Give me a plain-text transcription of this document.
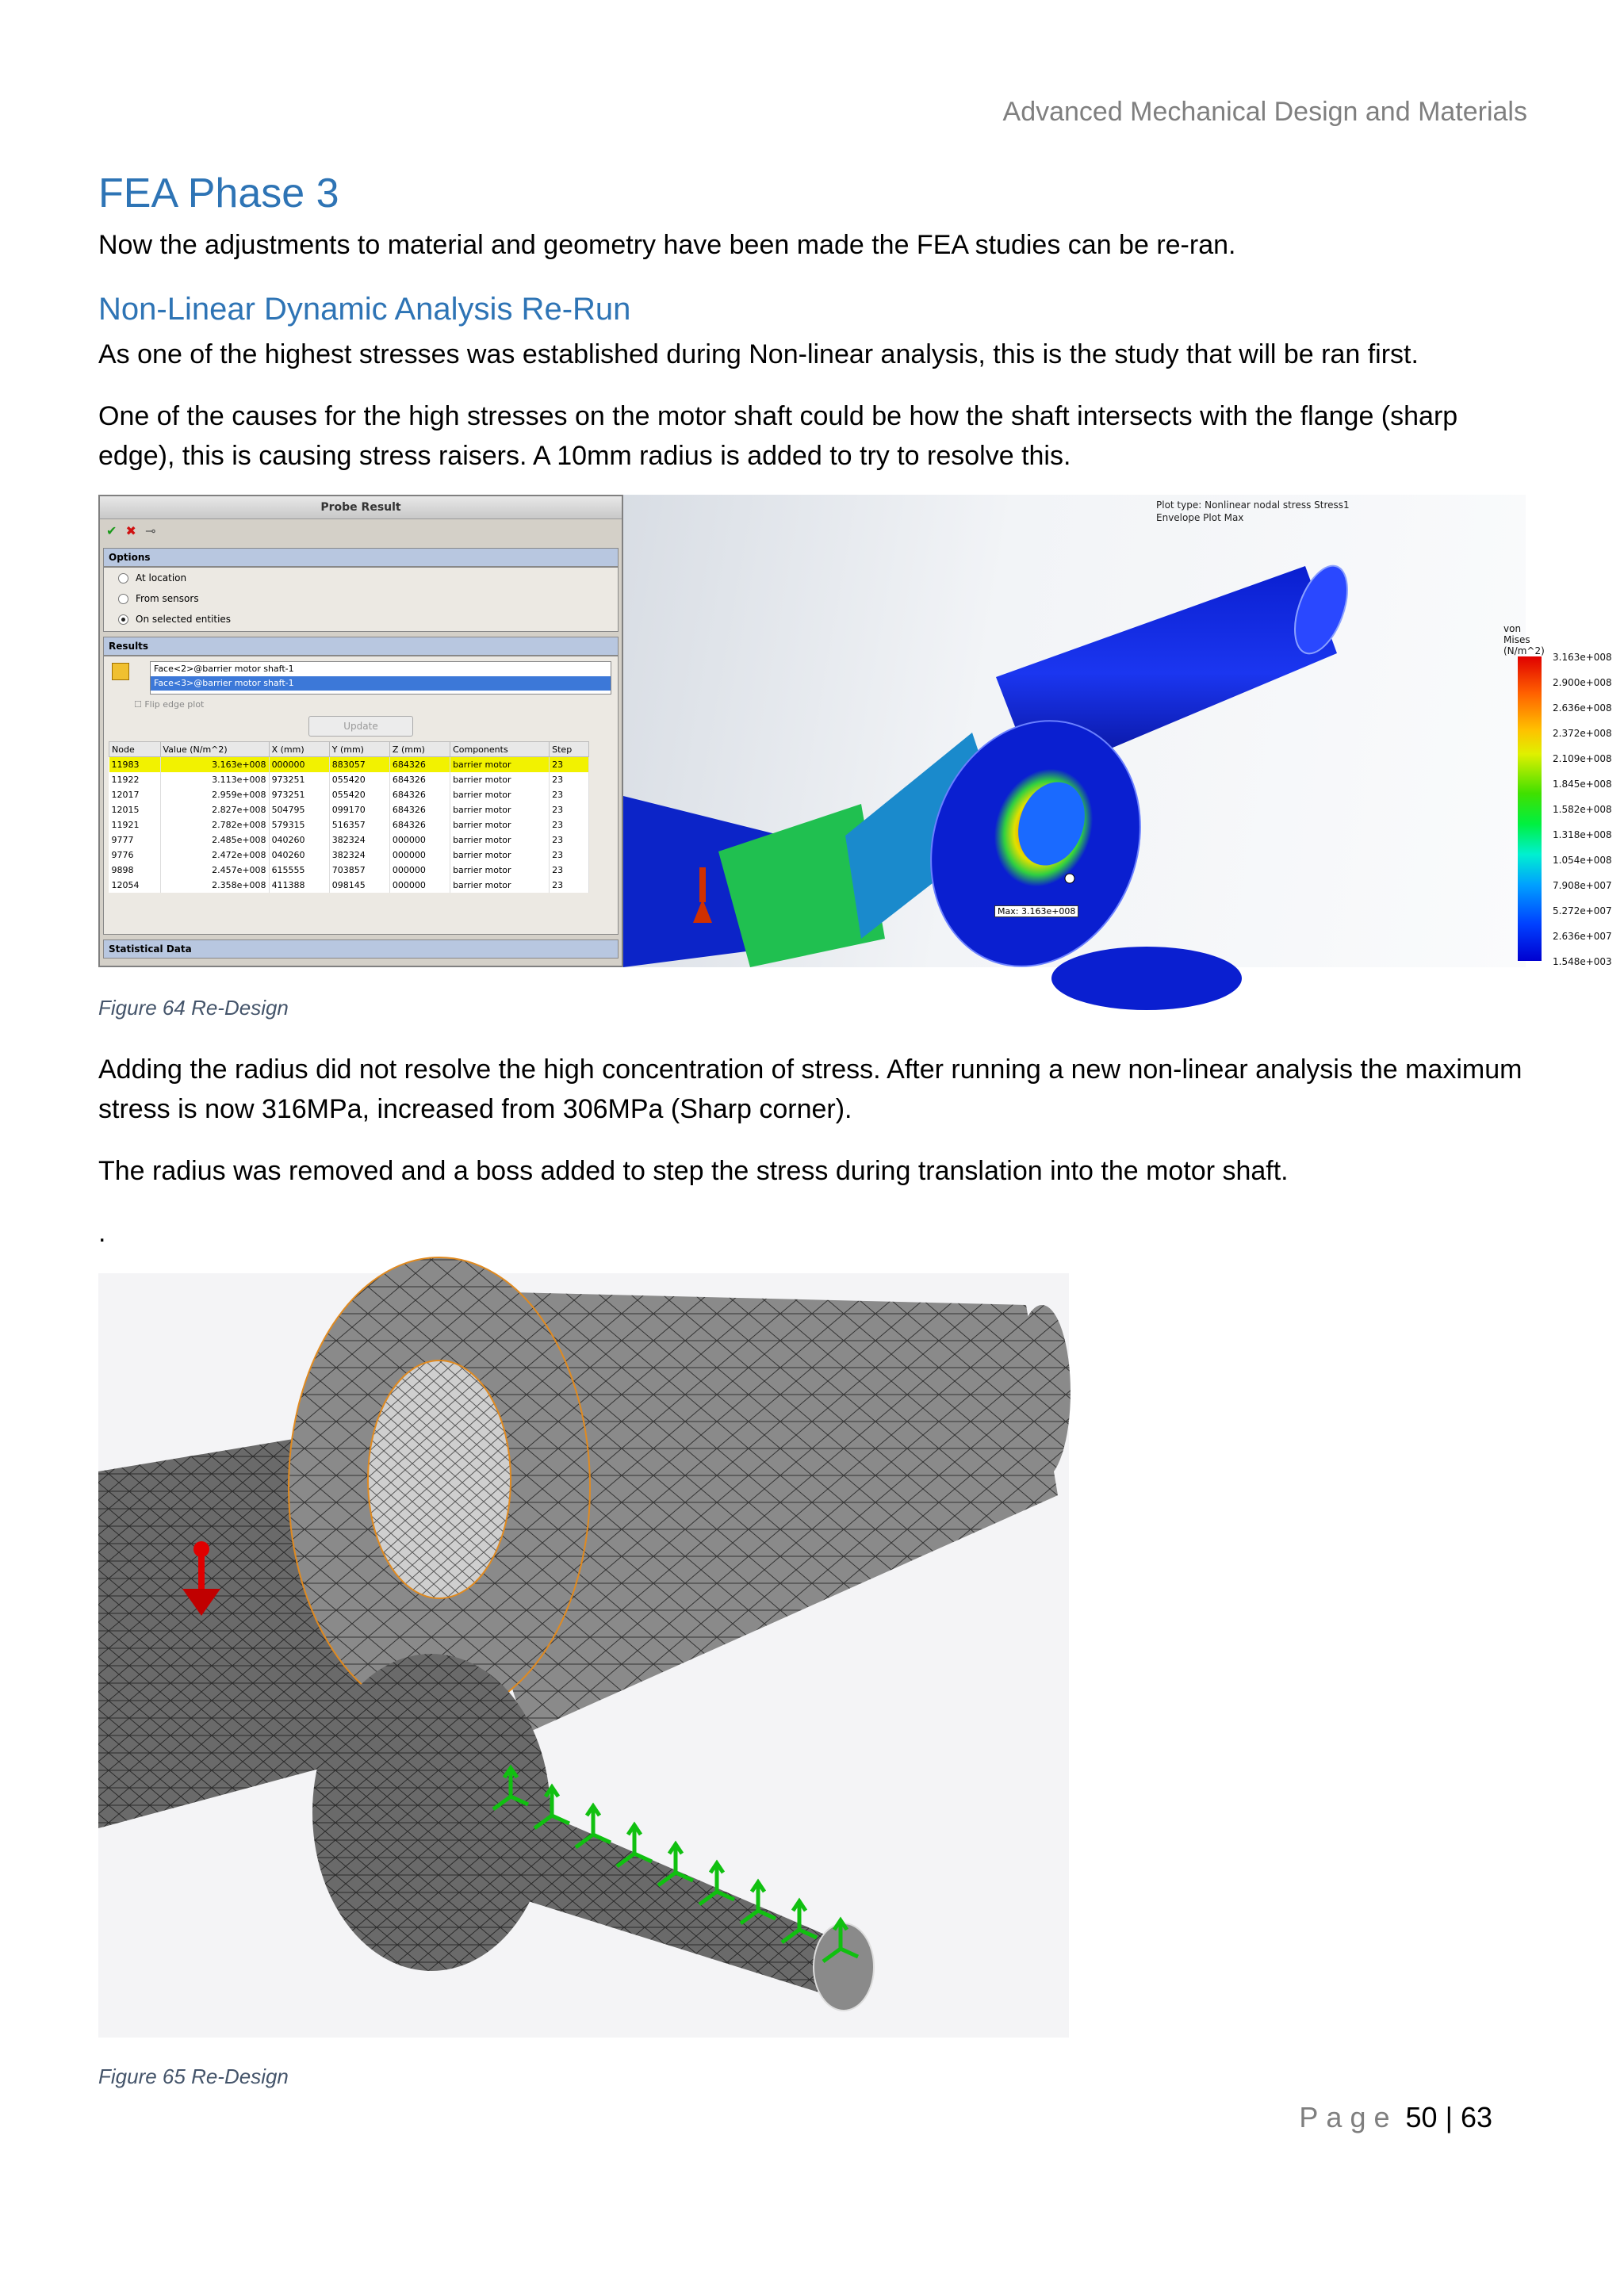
Advanced Mechanical Design and Materials
FEA Phase 3
Now the adjustments to material and geometry have been made the FEA studies can be re-ran.
Non-Linear Dynamic Analysis Re-Run
As one of the highest stresses was established during Non-linear analysis, this is the study that will be ran first.
One of the causes for the high stresses on the motor shaft could be how the shaft intersects with the flange (sharp edge), this is causing stress raisers. A 10mm radius is added to try to resolve this.
Probe Result
✔ ✖ ⊸
Options
At location
From sensors
On selected entities
Results
Face<2>@barrier motor shaft-1
Face<3>@barrier motor shaft-1
☐ Flip edge plot
Update
Node	Value (N/m^2)	X (mm)	Y (mm)	Z (mm)	Components	Step
11983	3.163e+008	000000	883057	684326	barrier motor	23
11922	3.113e+008	973251	055420	684326	barrier motor	23
12017	2.959e+008	973251	055420	684326	barrier motor	23
12015	2.827e+008	504795	099170	684326	barrier motor	23
11921	2.782e+008	579315	516357	684326	barrier motor	23
9777	2.485e+008	040260	382324	000000	barrier motor	23
9776	2.472e+008	040260	382324	000000	barrier motor	23
9898	2.457e+008	615555	703857	000000	barrier motor	23
12054	2.358e+008	411388	098145	000000	barrier motor	23
Statistical Data
Plot type: Nonlinear nodal stress Stress1
Envelope Plot Max
Max: 3.163e+008
von Mises (N/m^2)
3.163e+008
2.900e+008
2.636e+008
2.372e+008
2.109e+008
1.845e+008
1.582e+008
1.318e+008
1.054e+008
7.908e+007
5.272e+007
2.636e+007
1.548e+003
Figure 64 Re-Design
Adding the radius did not resolve the high concentration of stress. After running a new non-linear analysis the maximum stress is now 316MPa, increased from 306MPa (Sharp corner).
The radius was removed and a boss added to step the stress during translation into the motor shaft.
.
Figure 65 Re-Design
Page 50 | 63
